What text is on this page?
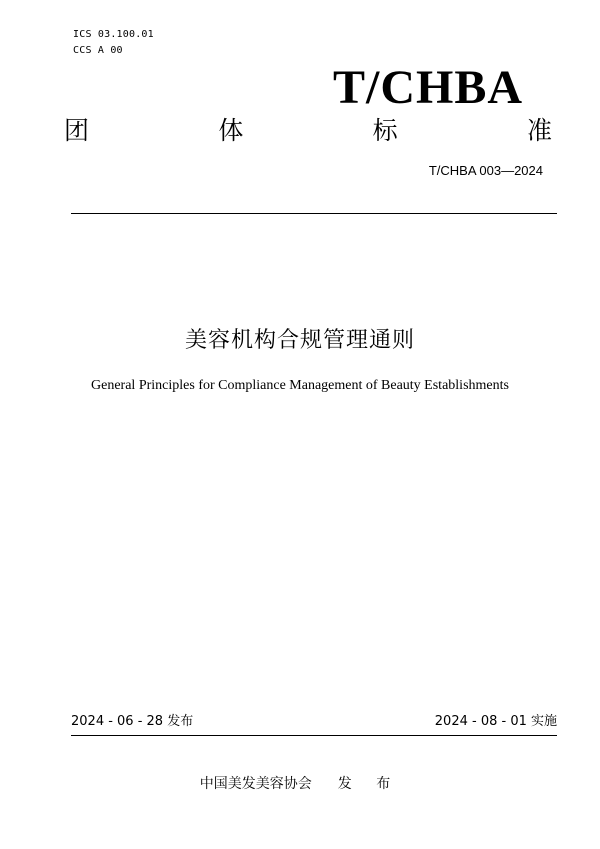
ICS 03.100.01
CCS A 00
T/CHBA
团	体	标	准
T/CHBA 003—2024
美容机构合规管理通则
General Principles for Compliance Management of Beauty Establishments
2024 - 06 - 28 发布	2024 - 08 - 01 实施
中国美发美容协会 发 布
